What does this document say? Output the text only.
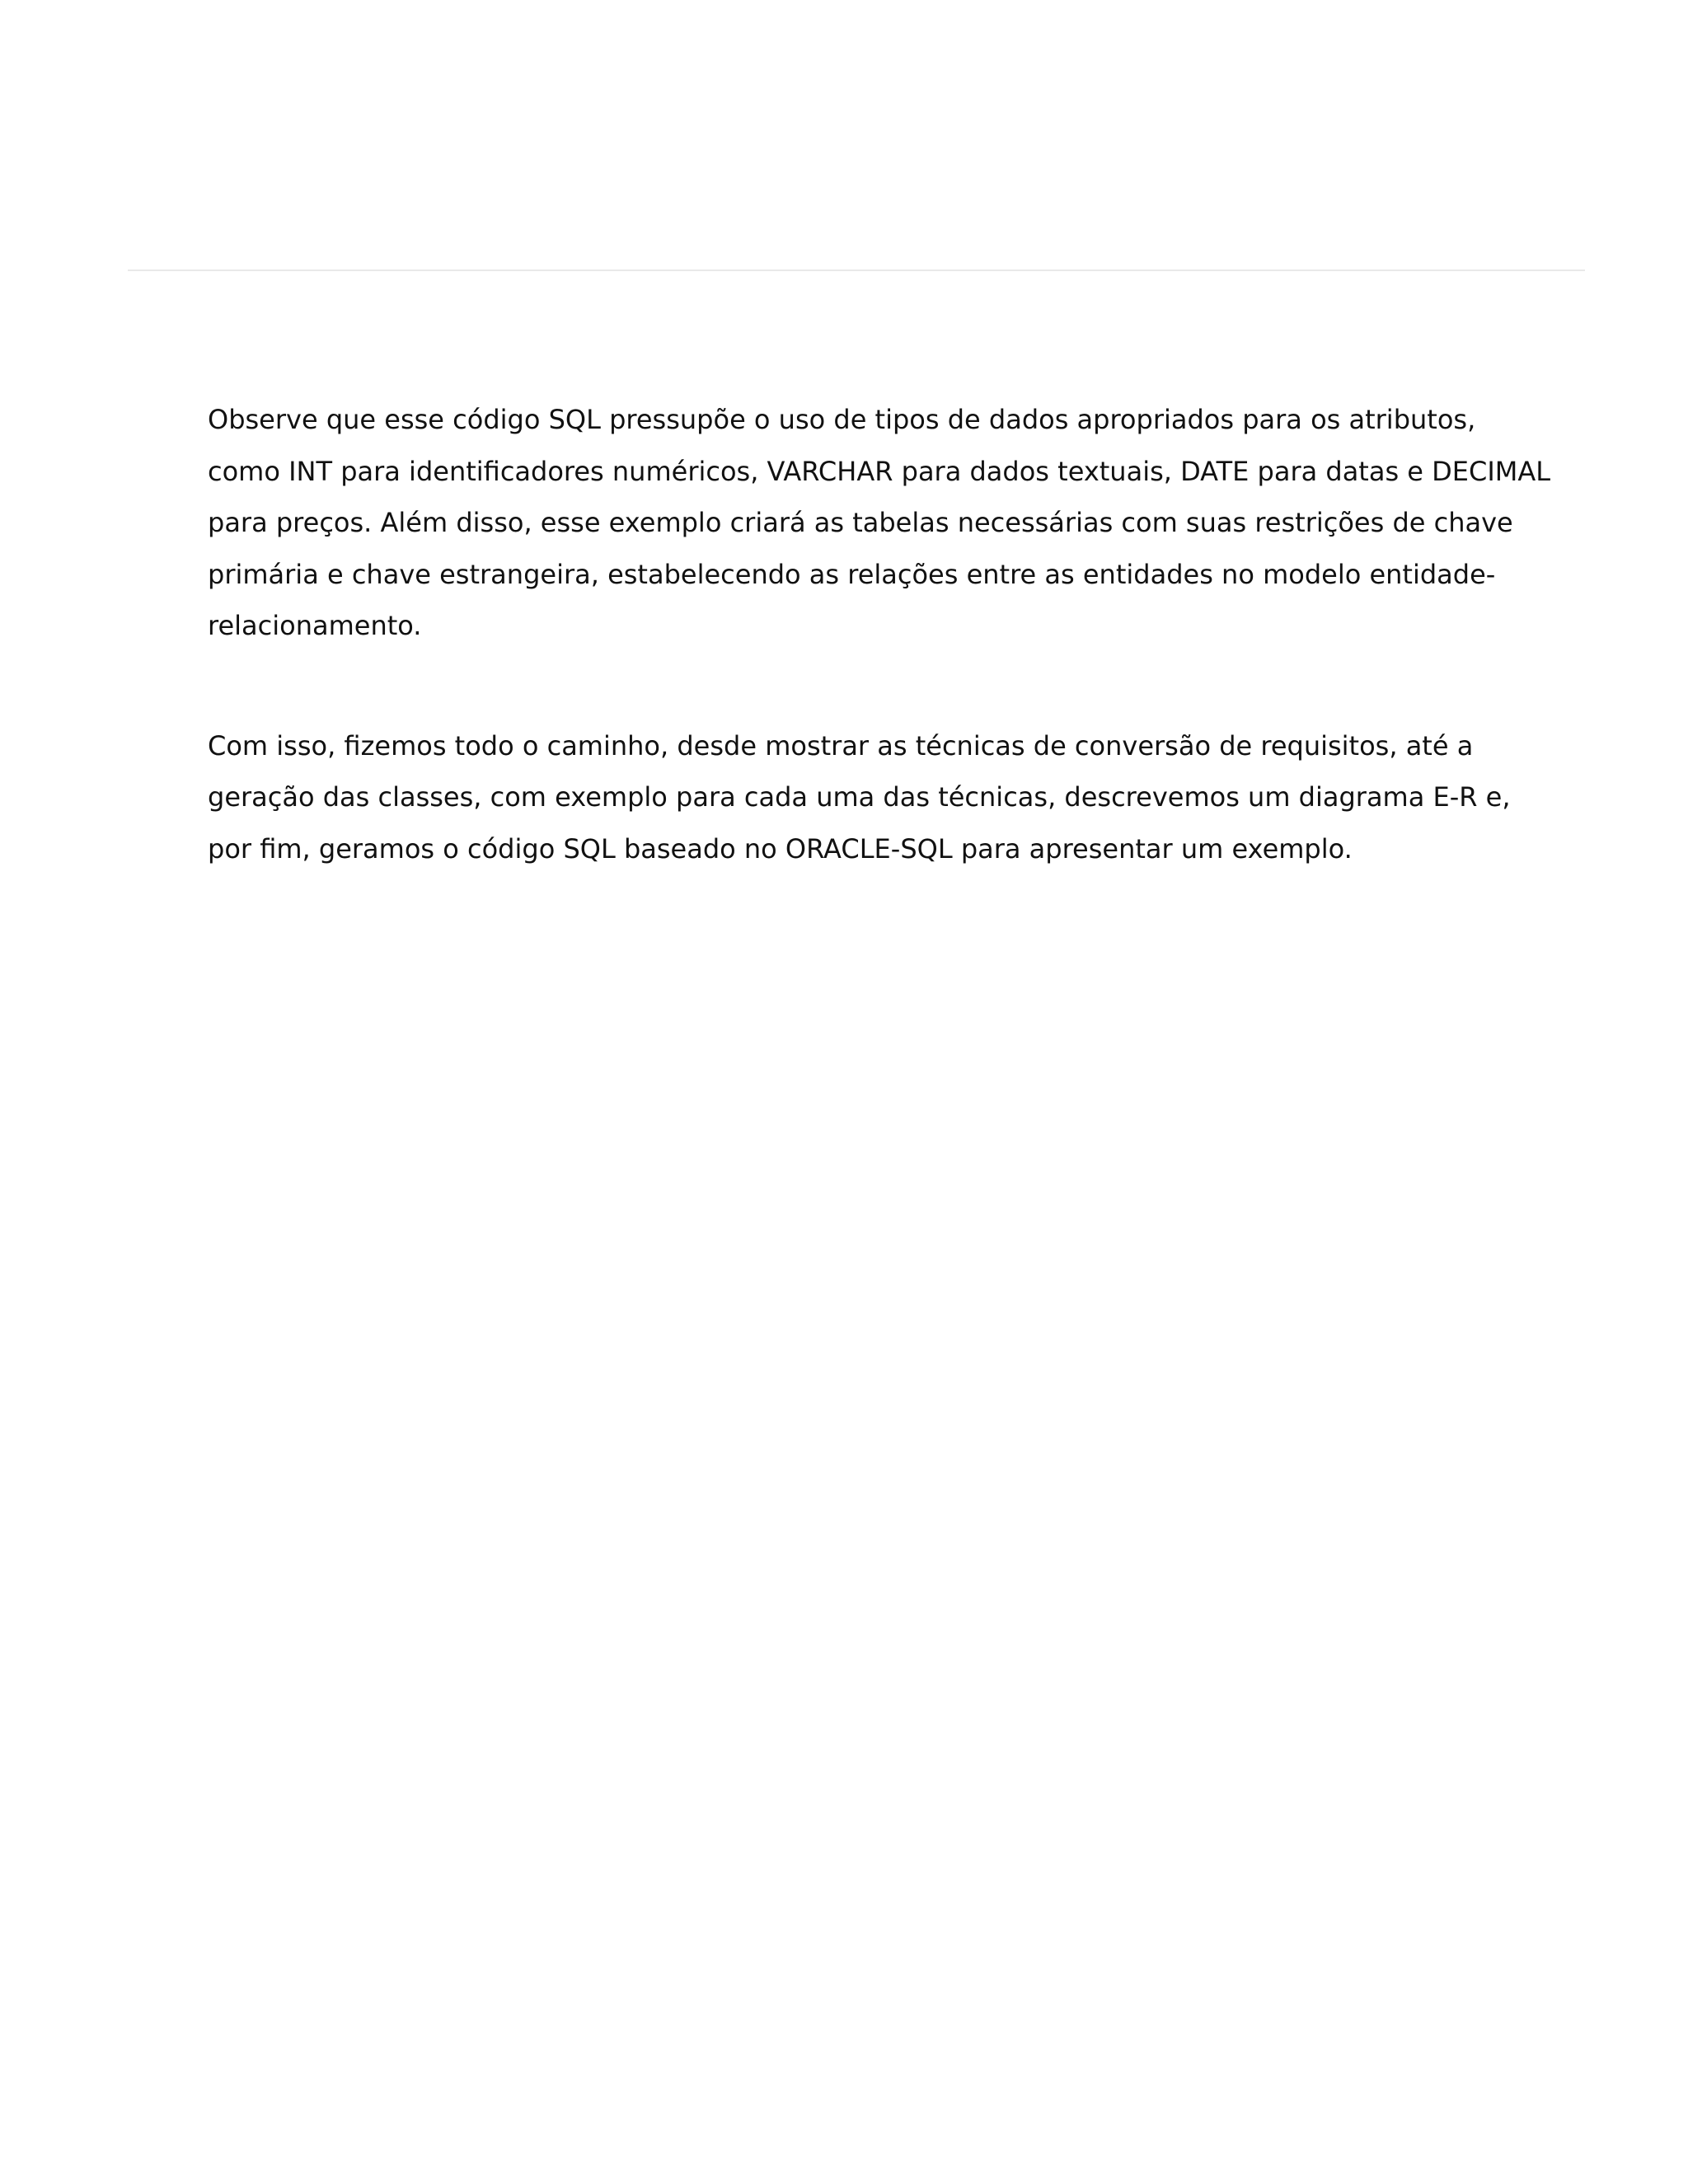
Observe que esse código SQL pressupõe o uso de tipos de dados apropriados para os atributos,
como INT para identificadores numéricos, VARCHAR para dados textuais, DATE para datas e DECIMAL
para preços. Além disso, esse exemplo criará as tabelas necessárias com suas restrições de chave
primária e chave estrangeira, estabelecendo as relações entre as entidades no modelo entidade-
relacionamento.

Com isso, fizemos todo o caminho, desde mostrar as técnicas de conversão de requisitos, até a
geração das classes, com exemplo para cada uma das técnicas, descrevemos um diagrama E-R e,
por fim, geramos o código SQL baseado no ORACLE-SQL para apresentar um exemplo.
